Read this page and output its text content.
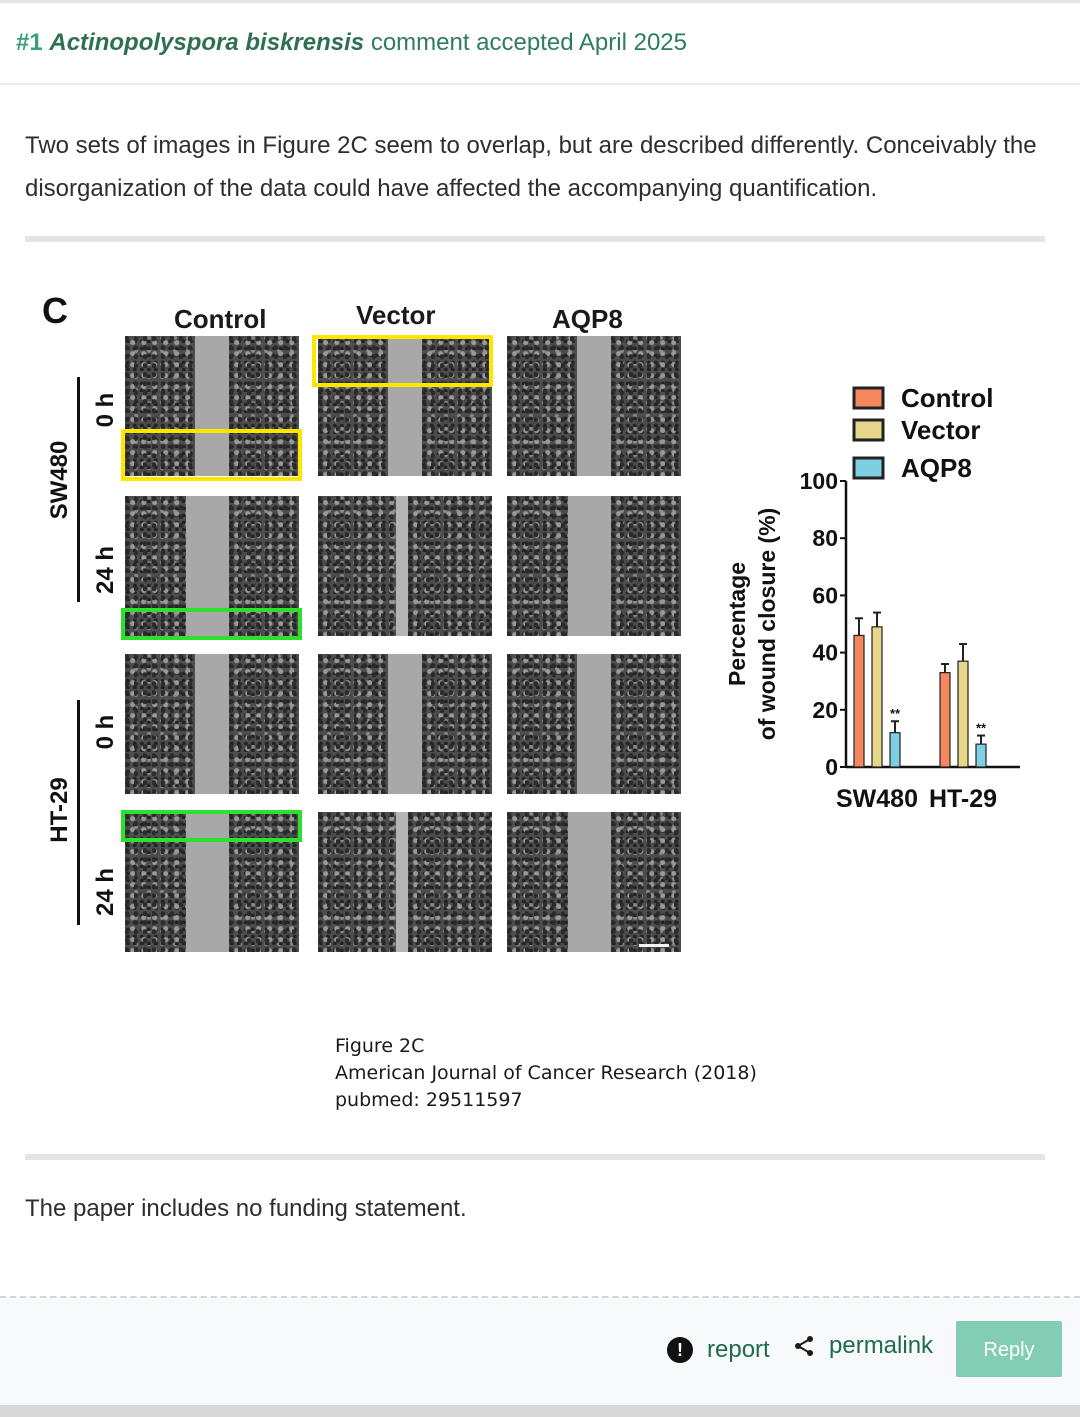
#1 Actinopolyspora biskrensis comment accepted April 2025
Two sets of images in Figure 2C seem to overlap, but are described differently. Conceivably the disorganization of the data could have affected the accompanying quantification.
C	Control	Vector	AQP8
SW480
HT-29
0 h
24 h
0 h
24 h
Percentage of wound closure (%)
0
20
40
60
80
100
**
SW480
**
HT-29
Control
Vector
AQP8
Figure 2C
American Journal of Cancer Research (2018)
pubmed: 29511597
The paper includes no funding statement.
!	report permalink	Reply
